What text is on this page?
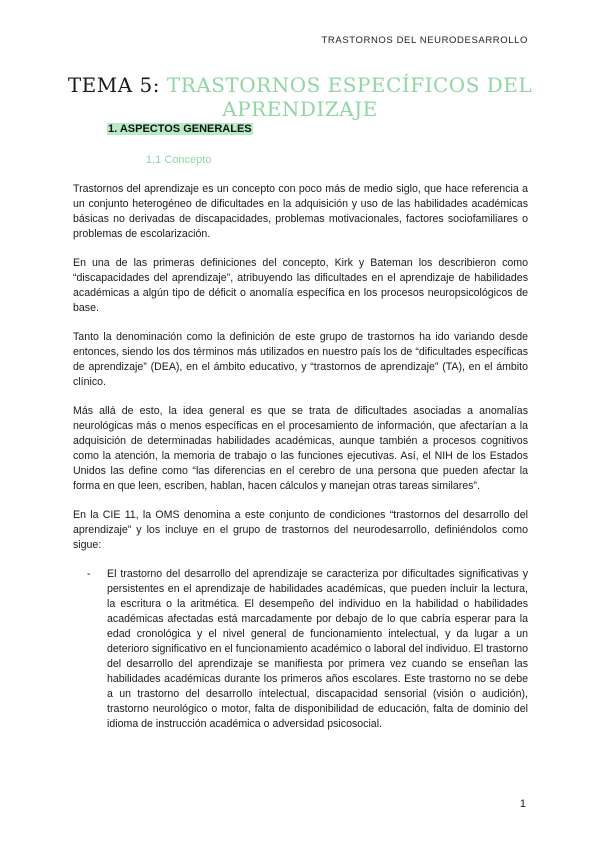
TRASTORNOS DEL NEURODESARROLLO
TEMA 5: TRASTORNOS ESPECÍFICOS DEL APRENDIZAJE
1. ASPECTOS GENERALES
1.1 Concepto

Trastornos del aprendizaje es un concepto con poco más de medio siglo, que hace referencia a un conjunto heterogéneo de dificultades en la adquisición y uso de las habilidades académicas básicas no derivadas de discapacidades, problemas motivacionales, factores sociofamiliares o problemas de escolarización.

En una de las primeras definiciones del concepto, Kirk y Bateman los describieron como “discapacidades del aprendizaje”, atribuyendo las dificultades en el aprendizaje de habilidades académicas a algún tipo de déficit o anomalía específica en los procesos neuropsicológicos de base.

Tanto la denominación como la definición de este grupo de trastornos ha ido variando desde entonces, siendo los dos términos más utilizados en nuestro país los de “dificultades específicas de aprendizaje” (DEA), en el ámbito educativo, y “trastornos de aprendizaje” (TA), en el ámbito clínico.

Más allá de esto, la idea general es que se trata de dificultades asociadas a anomalías neurológicas más o menos específicas en el procesamiento de información, que afectarían a la adquisición de determinadas habilidades académicas, aunque también a procesos cognitivos como la atención, la memoria de trabajo o las funciones ejecutivas. Así, el NIH de los Estados Unidos las define como “las diferencias en el cerebro de una persona que pueden afectar la forma en que leen, escriben, hablan, hacen cálculos y manejan otras tareas similares”.

En la CIE 11, la OMS denomina a este conjunto de condiciones “trastornos del desarrollo del aprendizaje” y los incluye en el grupo de trastornos del neurodesarrollo, definiéndolos como sigue:

-	El trastorno del desarrollo del aprendizaje se caracteriza por dificultades significativas y persistentes en el aprendizaje de habilidades académicas, que pueden incluir la lectura, la escritura o la aritmética. El desempeño del individuo en la habilidad o habilidades académicas afectadas está marcadamente por debajo de lo que cabría esperar para la edad cronológica y el nivel general de funcionamiento intelectual, y da lugar a un deterioro significativo en el funcionamiento académico o laboral del individuo. El trastorno del desarrollo del aprendizaje se manifiesta por primera vez cuando se enseñan las habilidades académicas durante los primeros años escolares. Este trastorno no se debe a un trastorno del desarrollo intelectual, discapacidad sensorial (visión o audición), trastorno neurológico o motor, falta de disponibilidad de educación, falta de dominio del idioma de instrucción académica o adversidad psicosocial.
1
